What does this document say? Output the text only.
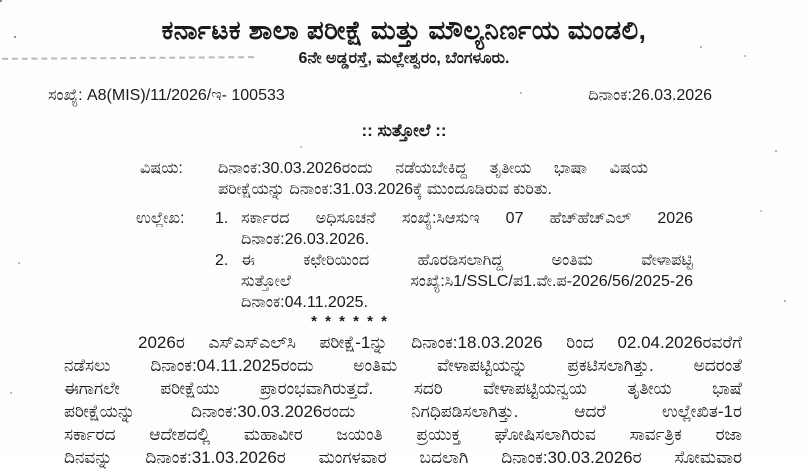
ಕರ್ನಾಟಕ ಶಾಲಾ ಪರೀಕ್ಷೆ ಮತ್ತು ಮೌಲ್ಯನಿರ್ಣಯ ಮಂಡಲಿ,
6ನೇ ಅಡ್ಡರಸ್ತೆ, ಮಲ್ಲೇಶ್ವರಂ, ಬೆಂಗಳೂರು.
ಸಂಖ್ಯೆ: A8(MIS)/11/2026/ಇ- 100533	ದಿನಾಂಕ:26.03.2026
:: ಸುತ್ತೋಲೆ ::
ವಿಷಯ:	ದಿನಾಂಕ:30.03.2026ರಂದು ನಡೆಯಬೇಕಿದ್ದ ತೃತೀಯ ಭಾಷಾ ವಿಷಯ
ಪರೀಕ್ಷೆಯನ್ನು ದಿನಾಂಕ:31.03.2026ಕ್ಕೆ ಮುಂದೂಡಿರುವ ಕುರಿತು.
ಉಲ್ಲೇಖ:	1. ಸರ್ಕಾರದ ಅಧಿಸೂಚನೆ ಸಂಖ್ಯೆ:ಸಿಆಸುಇ 07 ಹೆಚ್‌ಹೆಚ್‌ಎಲ್ 2026
ದಿನಾಂಕ:26.03.2026.
2. ಈ ಕಛೇರಿಯಿಂದ ಹೊರಡಿಸಲಾಗಿದ್ದ ಅಂತಿಮ ವೇಳಾಪಟ್ಟಿ
ಸುತ್ತೋಲೆ ಸಂಖ್ಯೆ:ಸಿ1/SSLC/ಪ1.ವೇ.ಪ-2026/56/2025-26
ದಿನಾಂಕ:04.11.2025.
* * * * * *
2026ರ ಎಸ್‌ಎಸ್‌ಎಲ್‌ಸಿ ಪರೀಕ್ಷೆ-1ನ್ನು ದಿನಾಂಕ:18.03.2026 ರಿಂದ 02.04.2026ರವರೆಗೆ
ನಡೆಸಲು ದಿನಾಂಕ:04.11.2025ರಂದು ಅಂತಿಮ ವೇಳಾಪಟ್ಟಿಯನ್ನು ಪ್ರಕಟಿಸಲಾಗಿತ್ತು. ಅದರಂತೆ
ಈಗಾಗಲೇ ಪರೀಕ್ಷೆಯು ಪ್ರಾರಂಭವಾಗಿರುತ್ತದೆ. ಸದರಿ ವೇಳಾಪಟ್ಟಿಯನ್ವಯ ತೃತೀಯ ಭಾಷೆ
ಪರೀಕ್ಷೆಯನ್ನು ದಿನಾಂಕ:30.03.2026ರಂದು ನಿಗಧಿಪಡಿಸಲಾಗಿತ್ತು. ಆದರೆ ಉಲ್ಲೇಖಿತ-1ರ
ಸರ್ಕಾರದ ಆದೇಶದಲ್ಲಿ ಮಹಾವೀರ ಜಯಂತಿ ಪ್ರಯುಕ್ತ ಘೋಷಿಸಲಾಗಿರುವ ಸಾರ್ವತ್ರಿಕ ರಜಾ
ದಿನವನ್ನು ದಿನಾಂಕ:31.03.2026ರ ಮಂಗಳವಾರ ಬದಲಾಗಿ ದಿನಾಂಕ:30.03.2026ರ ಸೋಮವಾರ
